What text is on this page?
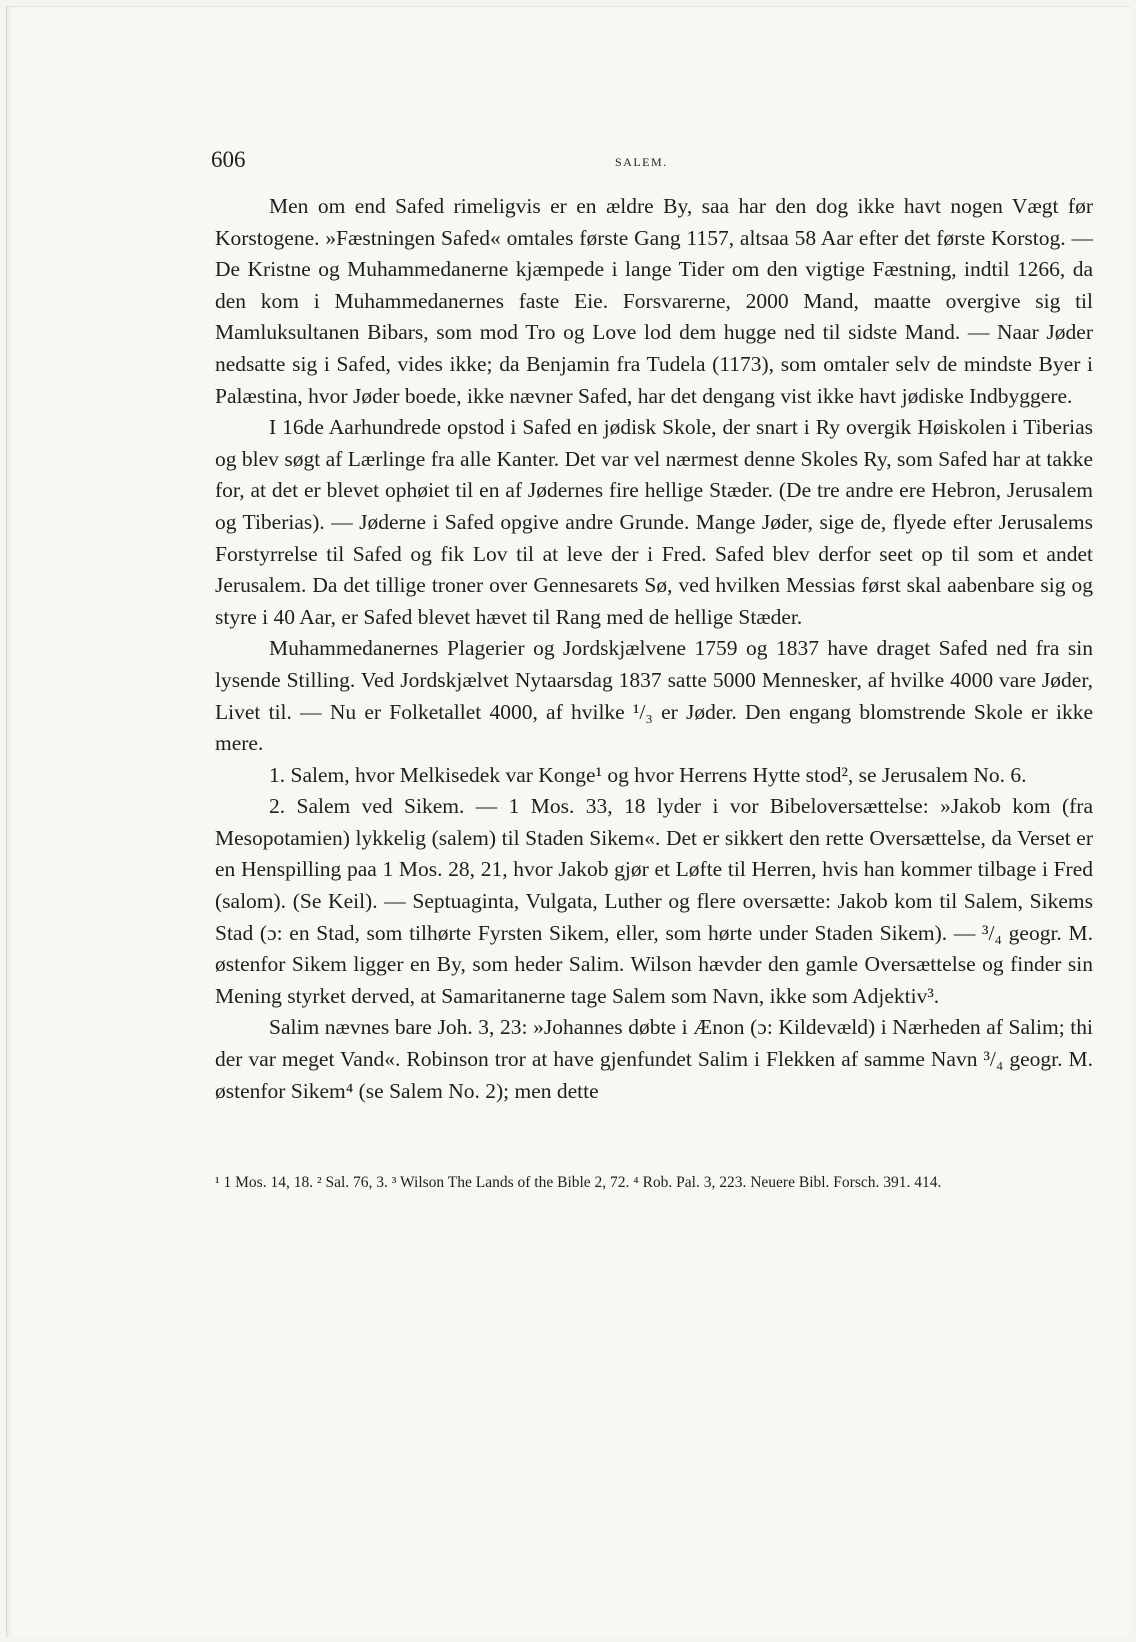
606	SALEM.

Men om end Safed rimeligvis er en ældre By, saa har den dog ikke havt nogen Vægt før Korstogene. »Fæstningen Safed« omtales første Gang 1157, altsaa 58 Aar efter det første Korstog. — De Kristne og Muhammedanerne kjæmpede i lange Tider om den vigtige Fæstning, indtil 1266, da den kom i Muhammedanernes faste Eie. Forsvarerne, 2000 Mand, maatte overgive sig til Mamluksultanen Bibars, som mod Tro og Love lod dem hugge ned til sidste Mand. — Naar Jøder nedsatte sig i Safed, vides ikke; da Benjamin fra Tudela (1173), som omtaler selv de mindste Byer i Palæstina, hvor Jøder boede, ikke nævner Safed, har det dengang vist ikke havt jødiske Indbyggere.

I 16de Aarhundrede opstod i Safed en jødisk Skole, der snart i Ry overgik Høiskolen i Tiberias og blev søgt af Lærlinge fra alle Kanter. Det var vel nærmest denne Skoles Ry, som Safed har at takke for, at det er blevet ophøiet til en af Jødernes fire hellige Stæder. (De tre andre ere Hebron, Jerusalem og Tiberias). — Jøderne i Safed opgive andre Grunde. Mange Jøder, sige de, flyede efter Jerusalems Forstyrrelse til Safed og fik Lov til at leve der i Fred. Safed blev derfor seet op til som et andet Jerusalem. Da det tillige troner over Gennesarets Sø, ved hvilken Messias først skal aabenbare sig og styre i 40 Aar, er Safed blevet hævet til Rang med de hellige Stæder.

Muhammedanernes Plagerier og Jordskjælvene 1759 og 1837 have draget Safed ned fra sin lysende Stilling. Ved Jordskjælvet Nytaarsdag 1837 satte 5000 Mennesker, af hvilke 4000 vare Jøder, Livet til. — Nu er Folketallet 4000, af hvilke ¹/₃ er Jøder. Den engang blomstrende Skole er ikke mere.

1. Salem, hvor Melkisedek var Konge¹ og hvor Herrens Hytte stod², se Jerusalem No. 6.

2. Salem ved Sikem. — 1 Mos. 33, 18 lyder i vor Bibeloversættelse: »Jakob kom (fra Mesopotamien) lykkelig (salem) til Staden Sikem«. Det er sikkert den rette Oversættelse, da Verset er en Henspilling paa 1 Mos. 28, 21, hvor Jakob gjør et Løfte til Herren, hvis han kommer tilbage i Fred (salom). (Se Keil). — Septuaginta, Vulgata, Luther og flere oversætte: Jakob kom til Salem, Sikems Stad (ɔ: en Stad, som tilhørte Fyrsten Sikem, eller, som hørte under Staden Sikem). — ³/₄ geogr. M. østenfor Sikem ligger en By, som heder Salim. Wilson hævder den gamle Oversættelse og finder sin Mening styrket derved, at Samaritanerne tage Salem som Navn, ikke som Adjektiv³.

Salim nævnes bare Joh. 3, 23: »Johannes døbte i Ænon (ɔ: Kildevæld) i Nærheden af Salim; thi der var meget Vand«. Robinson tror at have gjenfundet Salim i Flekken af samme Navn ³/₄ geogr. M. østenfor Sikem⁴ (se Salem No. 2); men dette

¹ 1 Mos. 14, 18. ² Sal. 76, 3. ³ Wilson The Lands of the Bible 2, 72. ⁴ Rob. Pal. 3, 223. Neuere Bibl. Forsch. 391. 414.
